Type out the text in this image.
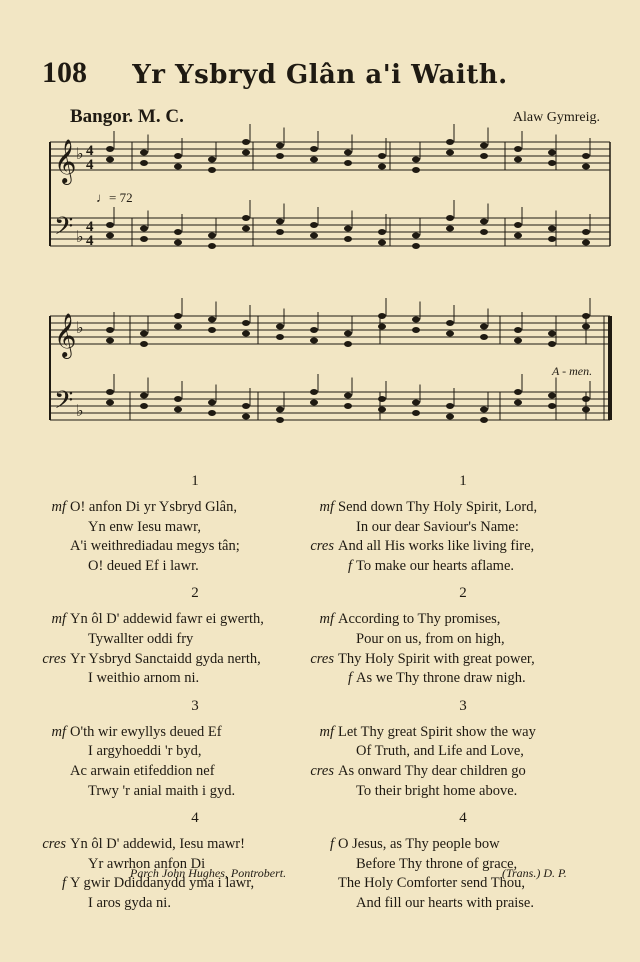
108	Yr Ysbryd Glân a'i Waith.
Bangor. M. C.	Alaw Gymreig.
𝄞
𝄢
♭
♭
4
4
4
4
𝄞
𝄢
♭
♭
♩= 72
A - men.
1
mf O! anfon Di yr Ysbryd Glân,
Yn enw Iesu mawr,
A'i weithrediadau megys tân;
O! deued Ef i lawr.
2
mf Yn ôl D' addewid fawr ei gwerth,
Tywallter oddi fry
cres Yr Ysbryd Sanctaidd gyda nerth,
I weithio arnom ni.
3
mf O'th wir ewyllys deued Ef
I argyhoeddi 'r byd,
Ac arwain etifeddion nef
Trwy 'r anial maith i gyd.
4
cres Yn ôl D' addewid, Iesu mawr!
Yr awrhon anfon Di
f Y gwir Ddiddanydd yma i lawr,
I aros gyda ni.
1
mf Send down Thy Holy Spirit, Lord,
In our dear Saviour's Name:
cres And all His works like living fire,
f To make our hearts aflame.
2
mf According to Thy promises,
Pour on us, from on high,
cres Thy Holy Spirit with great power,
f As we Thy throne draw nigh.
3
mf Let Thy great Spirit show the way
Of Truth, and Life and Love,
cres As onward Thy dear children go
To their bright home above.
4
f O Jesus, as Thy people bow
Before Thy throne of grace,
The Holy Comforter send Thou,
And fill our hearts with praise.
Parch John Hughes, Pontrobert.	(Trans.) D. P.
